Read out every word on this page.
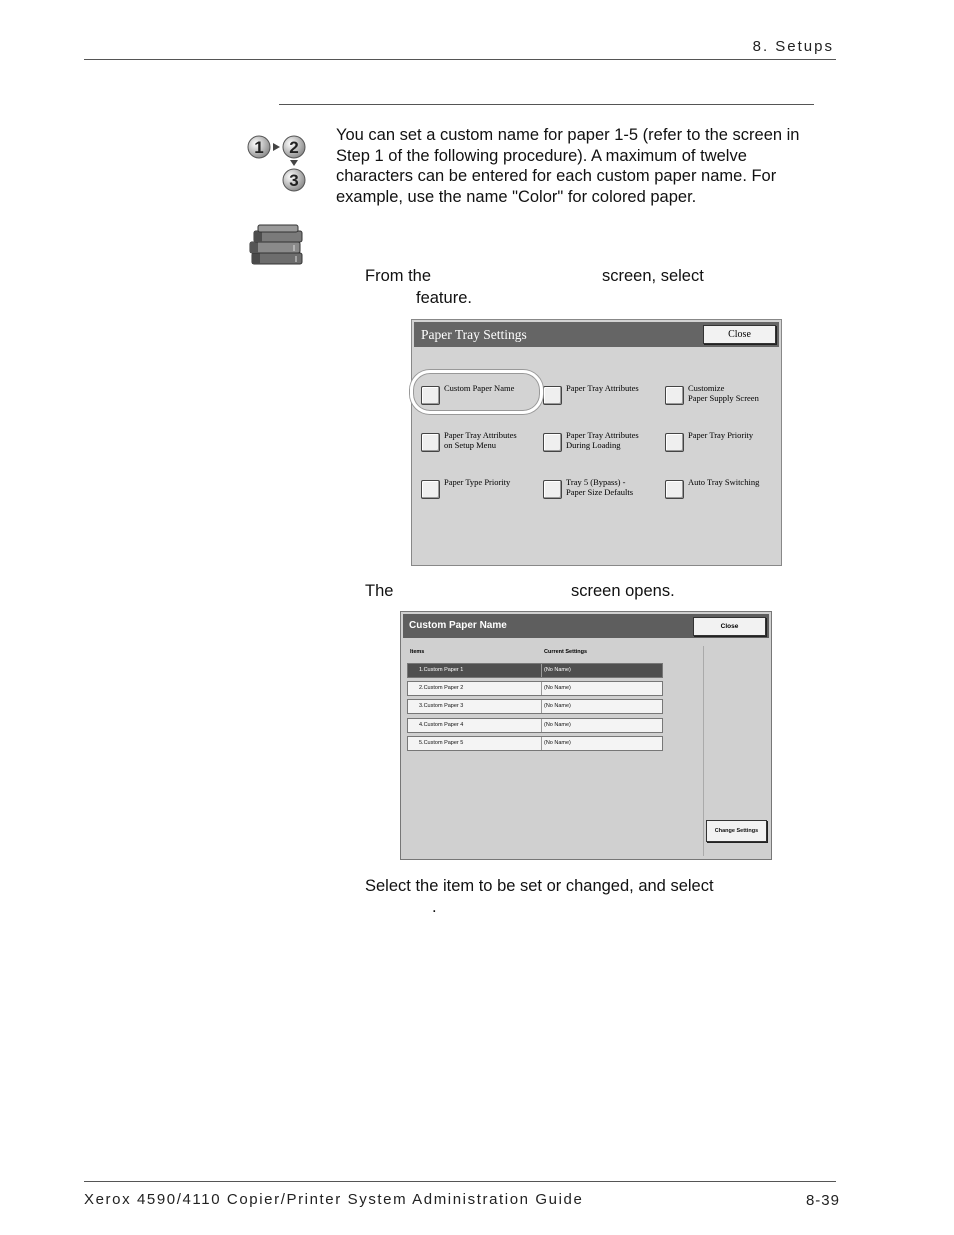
8. Setups
1 2
3
You can set a custom name for paper 1-5 (refer to the screen in Step 1 of the following procedure). A maximum of twelve characters can be entered for each custom paper name. For example, use the name "Color" for colored paper.
From the	screen, select
feature.
Paper Tray Settings	Close
Custom Paper Name	Paper Tray Attributes	Customize
Paper Supply Screen
Paper Tray Attributes
on Setup Menu
Paper Tray Attributes
During Loading
Paper Tray Priority
Paper Type Priority	Tray 5 (Bypass) -
Paper Size Defaults
Auto Tray Switching
The	screen opens.
Custom Paper Name	Close
Items	Current Settings
1.Custom Paper 1	(No Name)
2.Custom Paper 2	(No Name)
3.Custom Paper 3	(No Name)
4.Custom Paper 4	(No Name)
5.Custom Paper 5	(No Name)
Change Settings
Select the item to be set or changed, and select
.
Xerox 4590/4110 Copier/Printer System Administration Guide	8-39
